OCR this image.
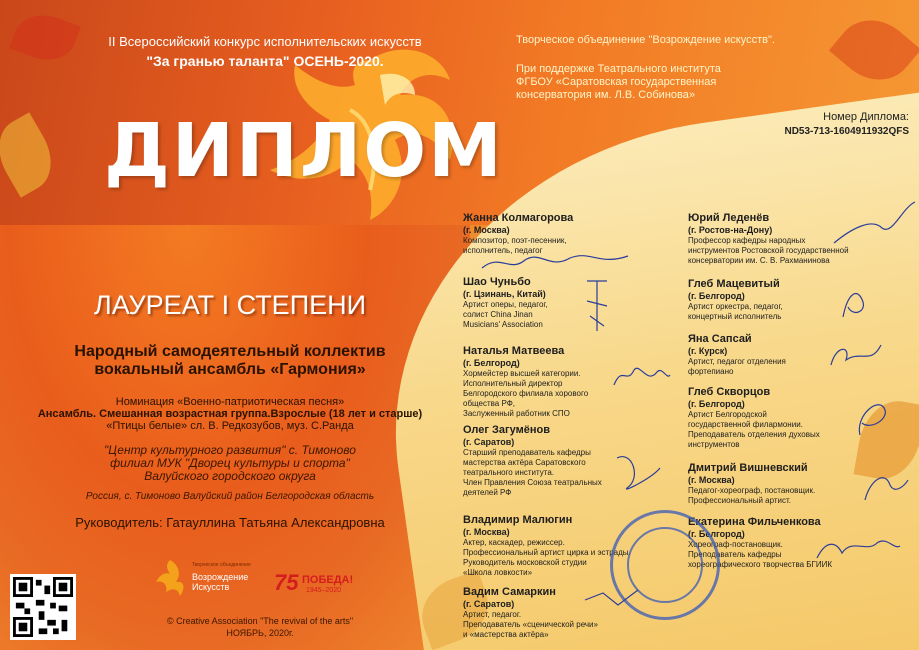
II Всероссийский конкурс исполнительских искусств
"За гранью таланта" ОСЕНЬ-2020.
Творческое объединение "Возрождение искусств".
При поддержке Театрального института
ФГБОУ «Саратовская государственная
консерватория им. Л.В. Собинова»
ДИПЛОМ	Номер Диплома:
ND53-713-1604911932QFS
ЛАУРЕАТ I СТЕПЕНИ
Народный самодеятельный коллектив
вокальный ансамбль «Гармония»
Номинация «Военно-патриотическая песня»
Ансамбль. Смешанная возрастная группа.Взрослые (18 лет и старше)
«Птицы белые» сл. В. Редкозубов, муз. С.Ранда
"Центр культурного развития" с. Тимоново
филиал МУК "Дворец культуры и спорта"
Валуйского городского округа
Россия, с. Тимоново Валуйский район Белгородская область
Руководитель: Гатауллина Татьяна Александровна
Творческое объединение
Возрождение
Искусств 75 ПОБЕДА!
1945–2020
© Creative Association "The revival of the arts"
НОЯБРЬ, 2020г.
Жанна Колмагорова
(г. Москва)
Композитор, поэт-песенник,
исполнитель, педагог
Шао Чуньбо
(г. Цзинань, Китай)
Артист оперы, педагог,
солист China Jinan
Musicians' Association
Наталья Матвеева
(г. Белгород)
Хормейстер высшей категории.
Исполнительный директор
Белгородского филиала хорового
общества РФ,
Заслуженный работник СПО
Олег Загумёнов
(г. Саратов)
Старший преподаватель кафедры
мастерства актёра Саратовского
театрального института.
Член Правления Союза театральных
деятелей РФ
Владимир Малюгин
(г. Москва)
Актер, каскадер, режиссер.
Профессиональный артист цирка и эстрады.
Руководитель московской студии
«Школа ловкости»
Вадим Самаркин
(г. Саратов)
Артист, педагог.
Преподаватель «сценической речи»
и «мастерства актёра»
Юрий Леденёв
(г. Ростов-на-Дону)
Профессор кафедры народных
инструментов Ростовской государственной
консерватории им. С. В. Рахманинова
Глеб Мацевитый
(г. Белгород)
Артист оркестра, педагог,
концертный исполнитель
Яна Сапсай
(г. Курск)
Артист, педагог отделения
фортепиано
Глеб Скворцов
(г. Белгород)
Артист Белгородской
государственной филармонии.
Преподаватель отделения духовых
инструментов
Дмитрий Вишневский
(г. Москва)
Педагог-хореограф, постановщик.
Профессиональный артист.
Екатерина Фильченкова
(г. Белгород)
Хореограф-постановщик.
Преподаватель кафедры
хореографического творчества БГИИК
